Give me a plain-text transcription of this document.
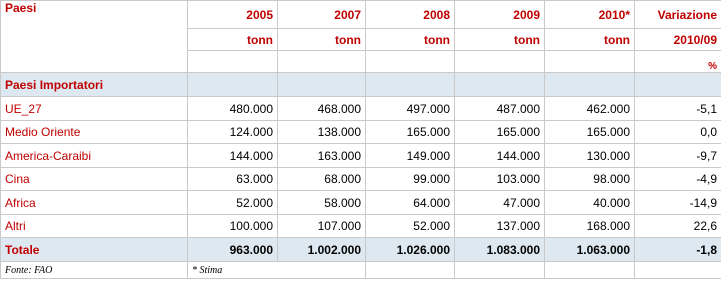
Paesi	2005	2007	2008	2009	2010*	Variazione
	tonn	tonn	tonn	tonn	tonn	2010/09
						%
Paesi Importatori						
UE_27	480.000	468.000	497.000	487.000	462.000	-5,1
Medio Oriente	124.000	138.000	165.000	165.000	165.000	0,0
America-Caraibi	144.000	163.000	149.000	144.000	130.000	-9,7
Cina	63.000	68.000	99.000	103.000	98.000	-4,9
Africa	52.000	58.000	64.000	47.000	40.000	-14,9
Altri	100.000	107.000	52.000	137.000	168.000	22,6
Totale	963.000	1.002.000	1.026.000	1.083.000	1.063.000	-1,8
Fonte: FAO	* Stima					
